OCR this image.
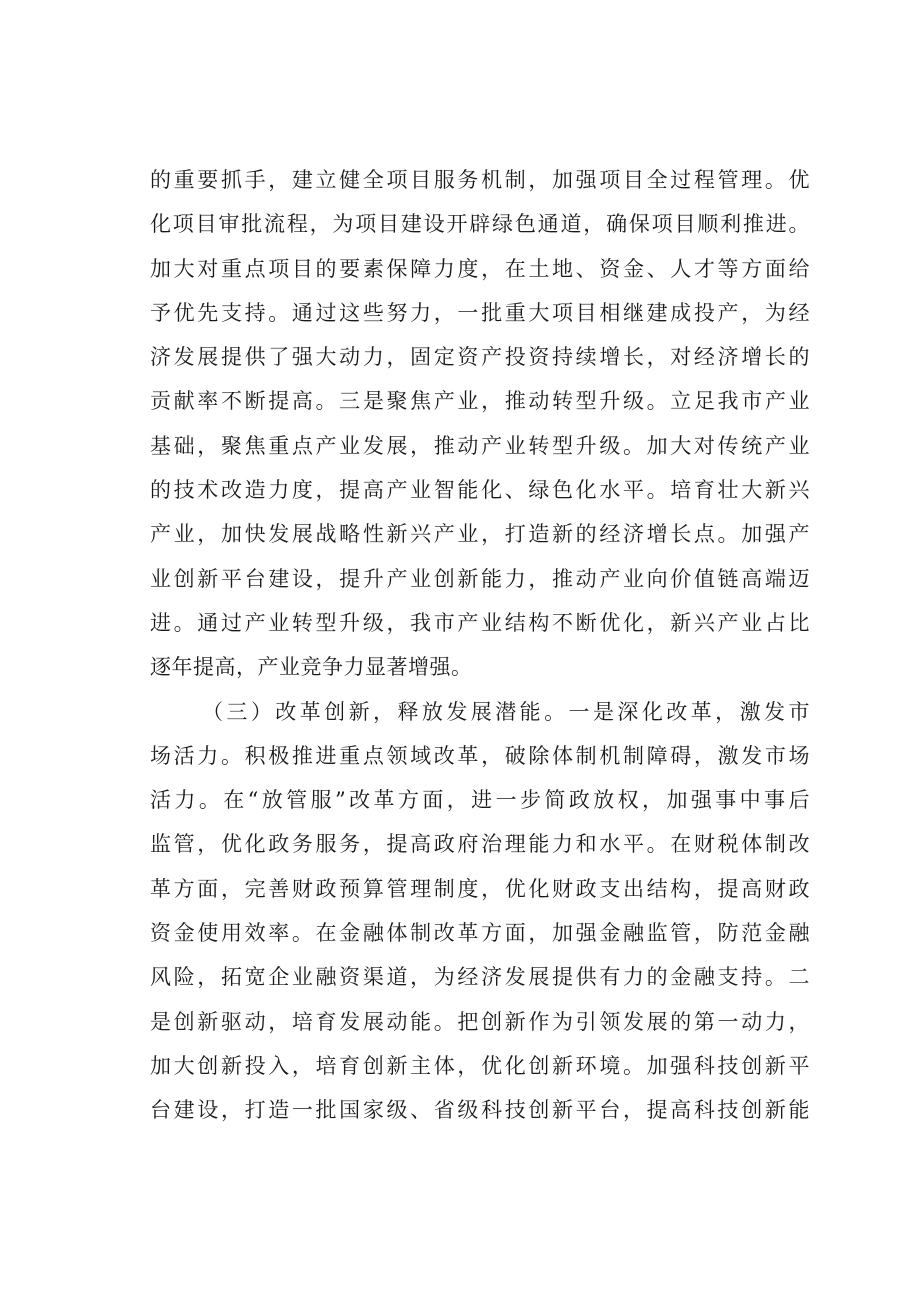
的重要抓手，建立健全项目服务机制，加强项目全过程管理。优
化项目审批流程，为项目建设开辟绿色通道，确保项目顺利推进。
加大对重点项目的要素保障力度，在土地、资金、人才等方面给
予优先支持。通过这些努力，一批重大项目相继建成投产，为经
济发展提供了强大动力，固定资产投资持续增长，对经济增长的
贡献率不断提高。三是聚焦产业，推动转型升级。立足我市产业
基础，聚焦重点产业发展，推动产业转型升级。加大对传统产业
的技术改造力度，提高产业智能化、绿色化水平。培育壮大新兴
产业，加快发展战略性新兴产业，打造新的经济增长点。加强产
业创新平台建设，提升产业创新能力，推动产业向价值链高端迈
进。通过产业转型升级，我市产业结构不断优化，新兴产业占比
逐年提高，产业竞争力显著增强。
（三）改革创新，释放发展潜能。一是深化改革，激发市
场活力。积极推进重点领域改革，破除体制机制障碍，激发市场
活力。在“放管服”改革方面，进一步简政放权，加强事中事后
监管，优化政务服务，提高政府治理能力和水平。在财税体制改
革方面，完善财政预算管理制度，优化财政支出结构，提高财政
资金使用效率。在金融体制改革方面，加强金融监管，防范金融
风险，拓宽企业融资渠道，为经济发展提供有力的金融支持。二
是创新驱动，培育发展动能。把创新作为引领发展的第一动力，
加大创新投入，培育创新主体，优化创新环境。加强科技创新平
台建设，打造一批国家级、省级科技创新平台，提高科技创新能
